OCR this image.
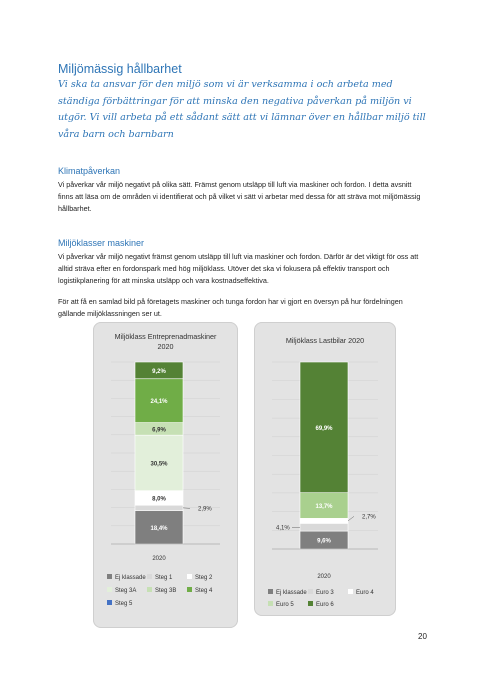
Miljömässig hållbarhet
Vi ska ta ansvar för den miljö som vi är verksamma i och arbeta med ständiga förbättringar för att minska den negativa påverkan på miljön vi utgör. Vi vill arbeta på ett sådant sätt att vi lämnar över en hållbar miljö till våra barn och barnbarn
Klimatpåverkan
Vi påverkar vår miljö negativt på olika sätt. Främst genom utsläpp till luft via maskiner och fordon. I detta avsnitt finns att läsa om de områden vi identifierat och på vilket vi sätt vi arbetar med dessa för att sträva mot miljömässig hållbarhet.
Miljöklasser maskiner
Vi påverkar vår miljö negativt främst genom utsläpp till luft via maskiner och fordon. Därför är det viktigt för oss att alltid sträva efter en fordonspark med hög miljöklass. Utöver det ska vi fokusera på effektiv transport och logistikplanering för att minska utsläpp och vara kostnadseffektiva.
För att få en samlad bild på företagets maskiner och tunga fordon har vi gjort en översyn på hur fördelningen gällande miljöklassningen ser ut.
Miljöklass Entreprenadmaskiner
2020
18,4%
2,9%
8,0%
30,5%
6,9%
24,1%
9,2%
2020
Ej klassade	Steg 1	Steg 2
Steg 3A	Steg 3B	Steg 4
Steg 5
Miljöklass Lastbilar 2020
9,6%
4,1%
2,7%
13,7%
69,9%
2020
Ej klassade	Euro 3	Euro 4
Euro 5	Euro 6
20
